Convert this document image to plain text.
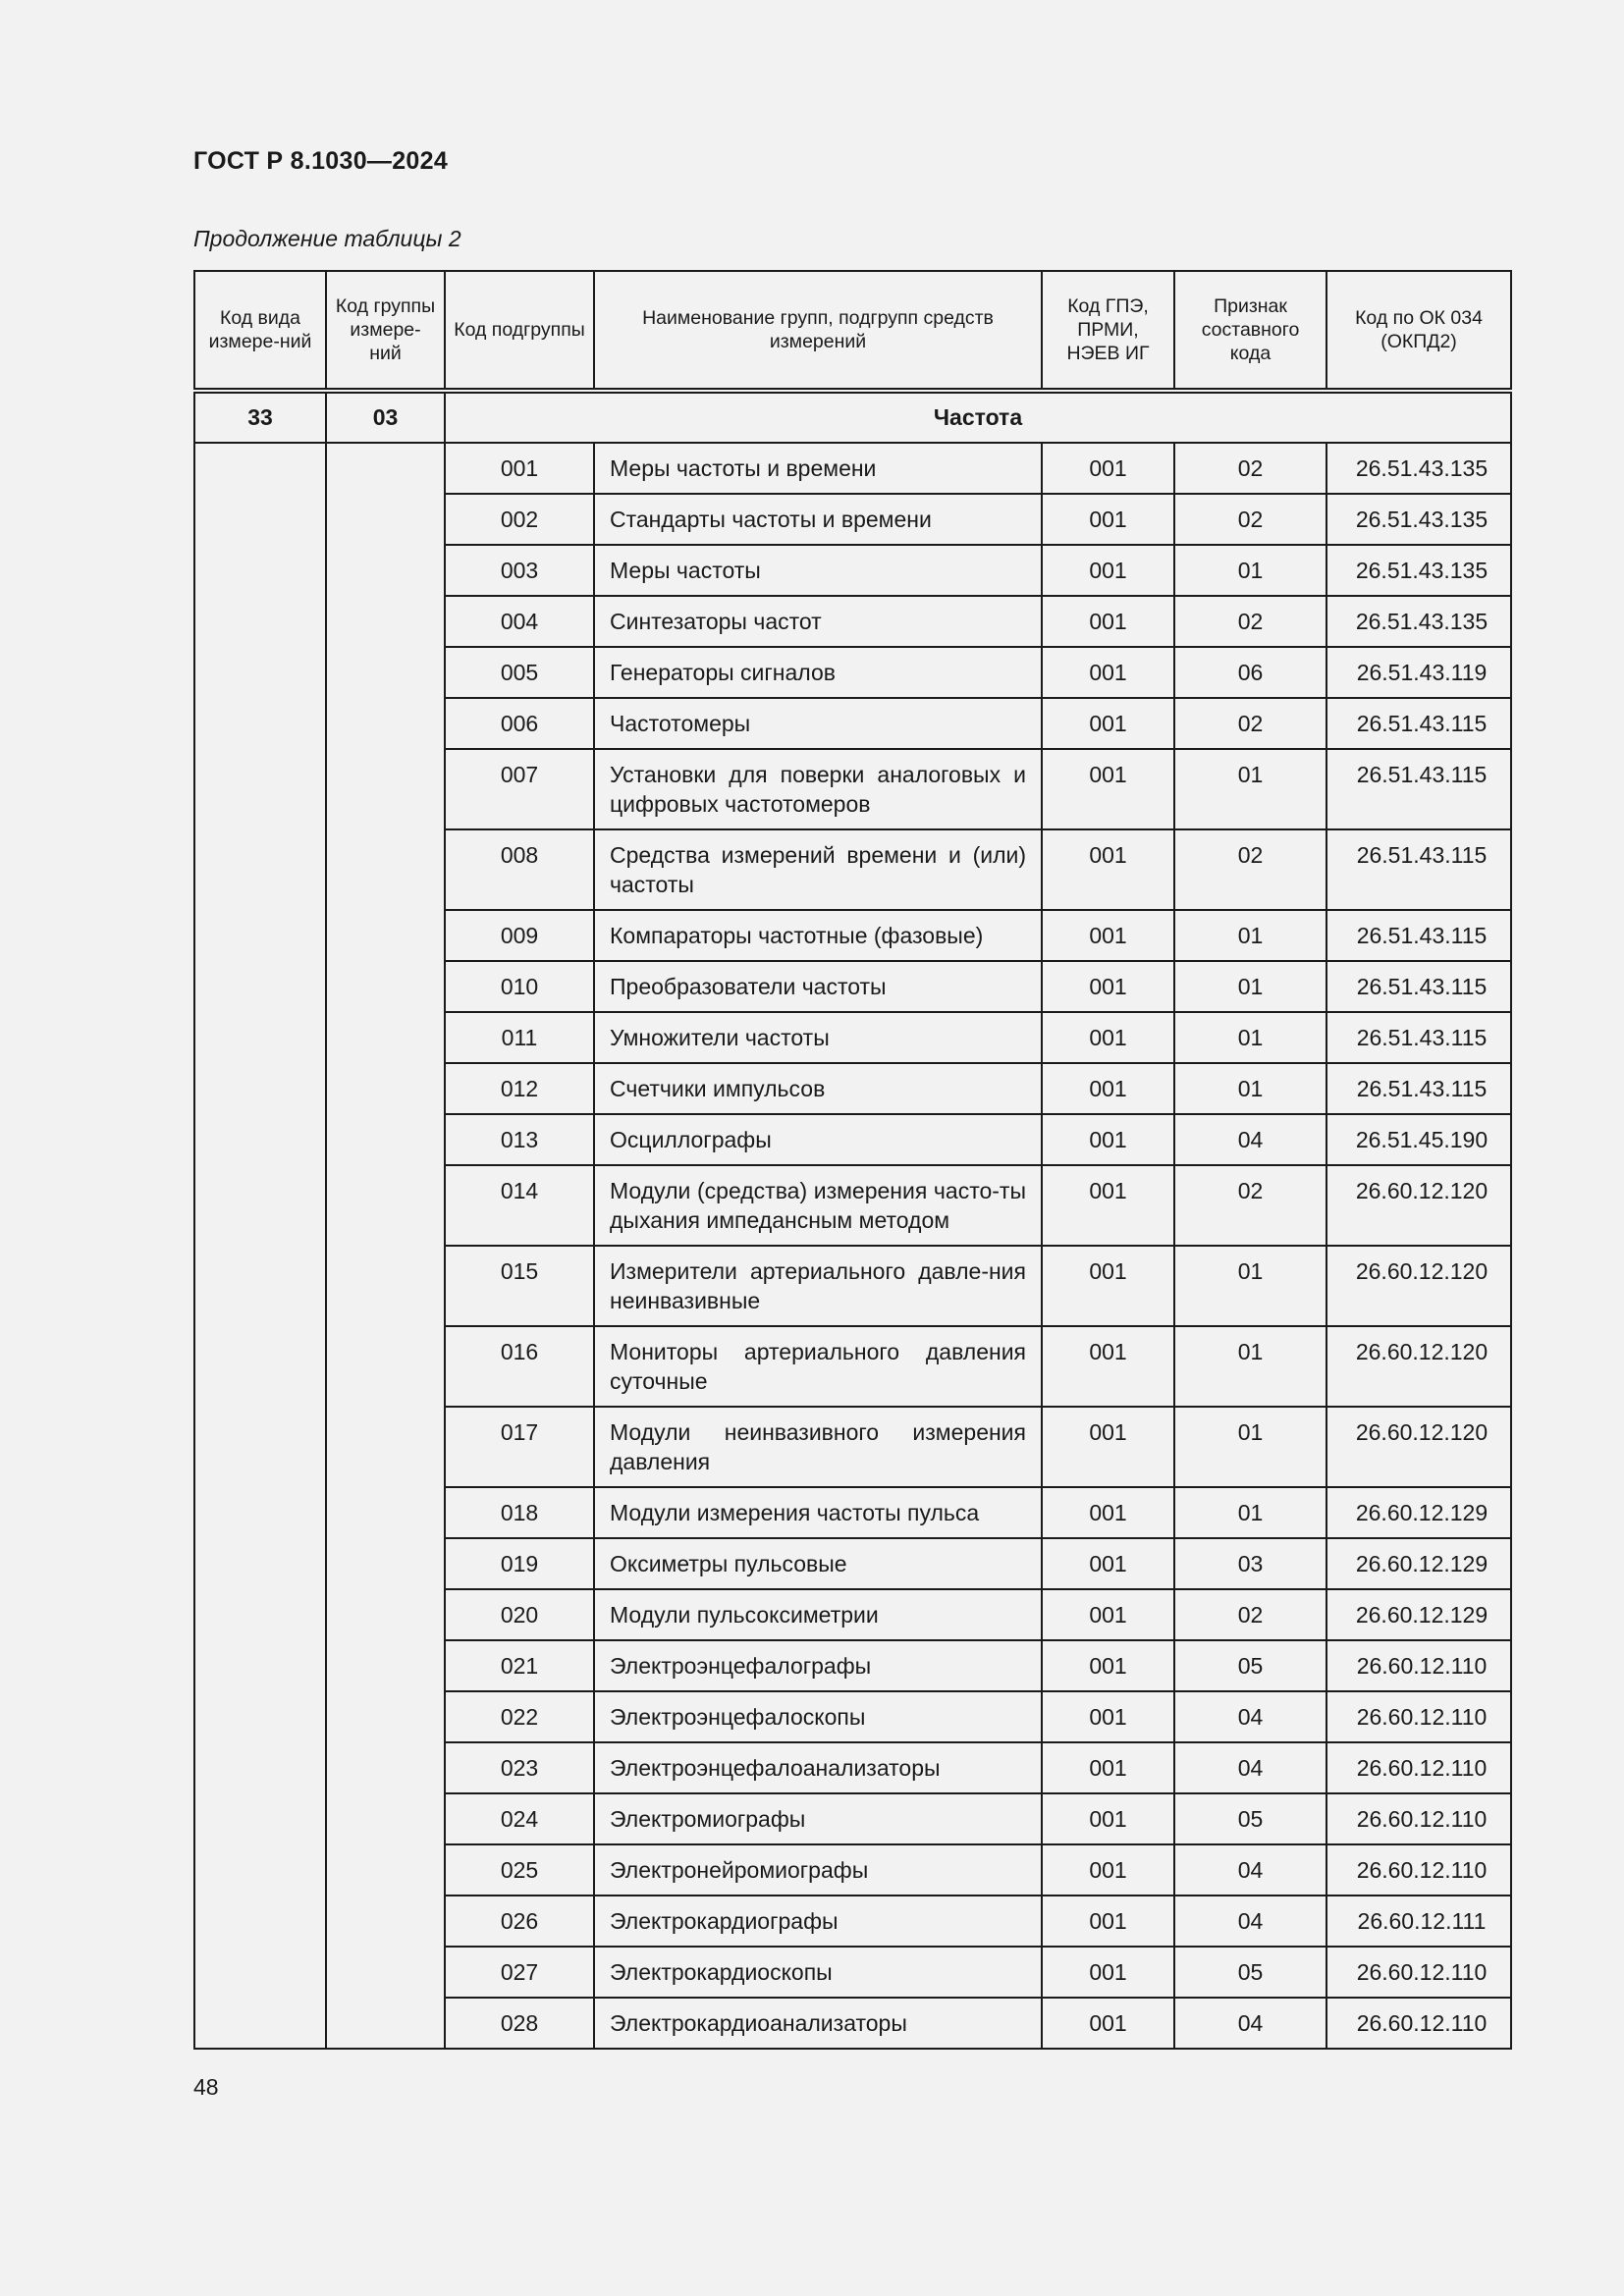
ГОСТ Р 8.1030—2024
Продолжение таблицы 2
Код вида измере-ний	Код группы измере-ний	Код подгруппы	Наименование групп, подгрупп средств измерений	Код ГПЭ, ПРМИ, НЭЕВ ИГ	Признак составного кода	Код по ОК 034 (ОКПД2)
33	03	Частота				
		001	Меры частоты и времени	001	02	26.51.43.135
		002	Стандарты частоты и времени	001	02	26.51.43.135
		003	Меры частоты	001	01	26.51.43.135
		004	Синтезаторы частот	001	02	26.51.43.135
		005	Генераторы сигналов	001	06	26.51.43.119
		006	Частотомеры	001	02	26.51.43.115
		007	Установки для поверки аналоговых и цифровых частотомеров	001	01	26.51.43.115
		008	Средства измерений времени и (или) частоты	001	02	26.51.43.115
		009	Компараторы частотные (фазовые)	001	01	26.51.43.115
		010	Преобразователи частоты	001	01	26.51.43.115
		011	Умножители частоты	001	01	26.51.43.115
		012	Счетчики импульсов	001	01	26.51.43.115
		013	Осциллографы	001	04	26.51.45.190
		014	Модули (средства) измерения часто-ты дыхания импедансным методом	001	02	26.60.12.120
		015	Измерители артериального давле-ния неинвазивные	001	01	26.60.12.120
		016	Мониторы артериального давления суточные	001	01	26.60.12.120
		017	Модули неинвазивного измерения давления	001	01	26.60.12.120
		018	Модули измерения частоты пульса	001	01	26.60.12.129
		019	Оксиметры пульсовые	001	03	26.60.12.129
		020	Модули пульсоксиметрии	001	02	26.60.12.129
		021	Электроэнцефалографы	001	05	26.60.12.110
		022	Электроэнцефалоскопы	001	04	26.60.12.110
		023	Электроэнцефалоанализаторы	001	04	26.60.12.110
		024	Электромиографы	001	05	26.60.12.110
		025	Электронейромиографы	001	04	26.60.12.110
		026	Электрокардиографы	001	04	26.60.12.111
		027	Электрокардиоскопы	001	05	26.60.12.110
		028	Электрокардиоанализаторы	001	04	26.60.12.110
48
